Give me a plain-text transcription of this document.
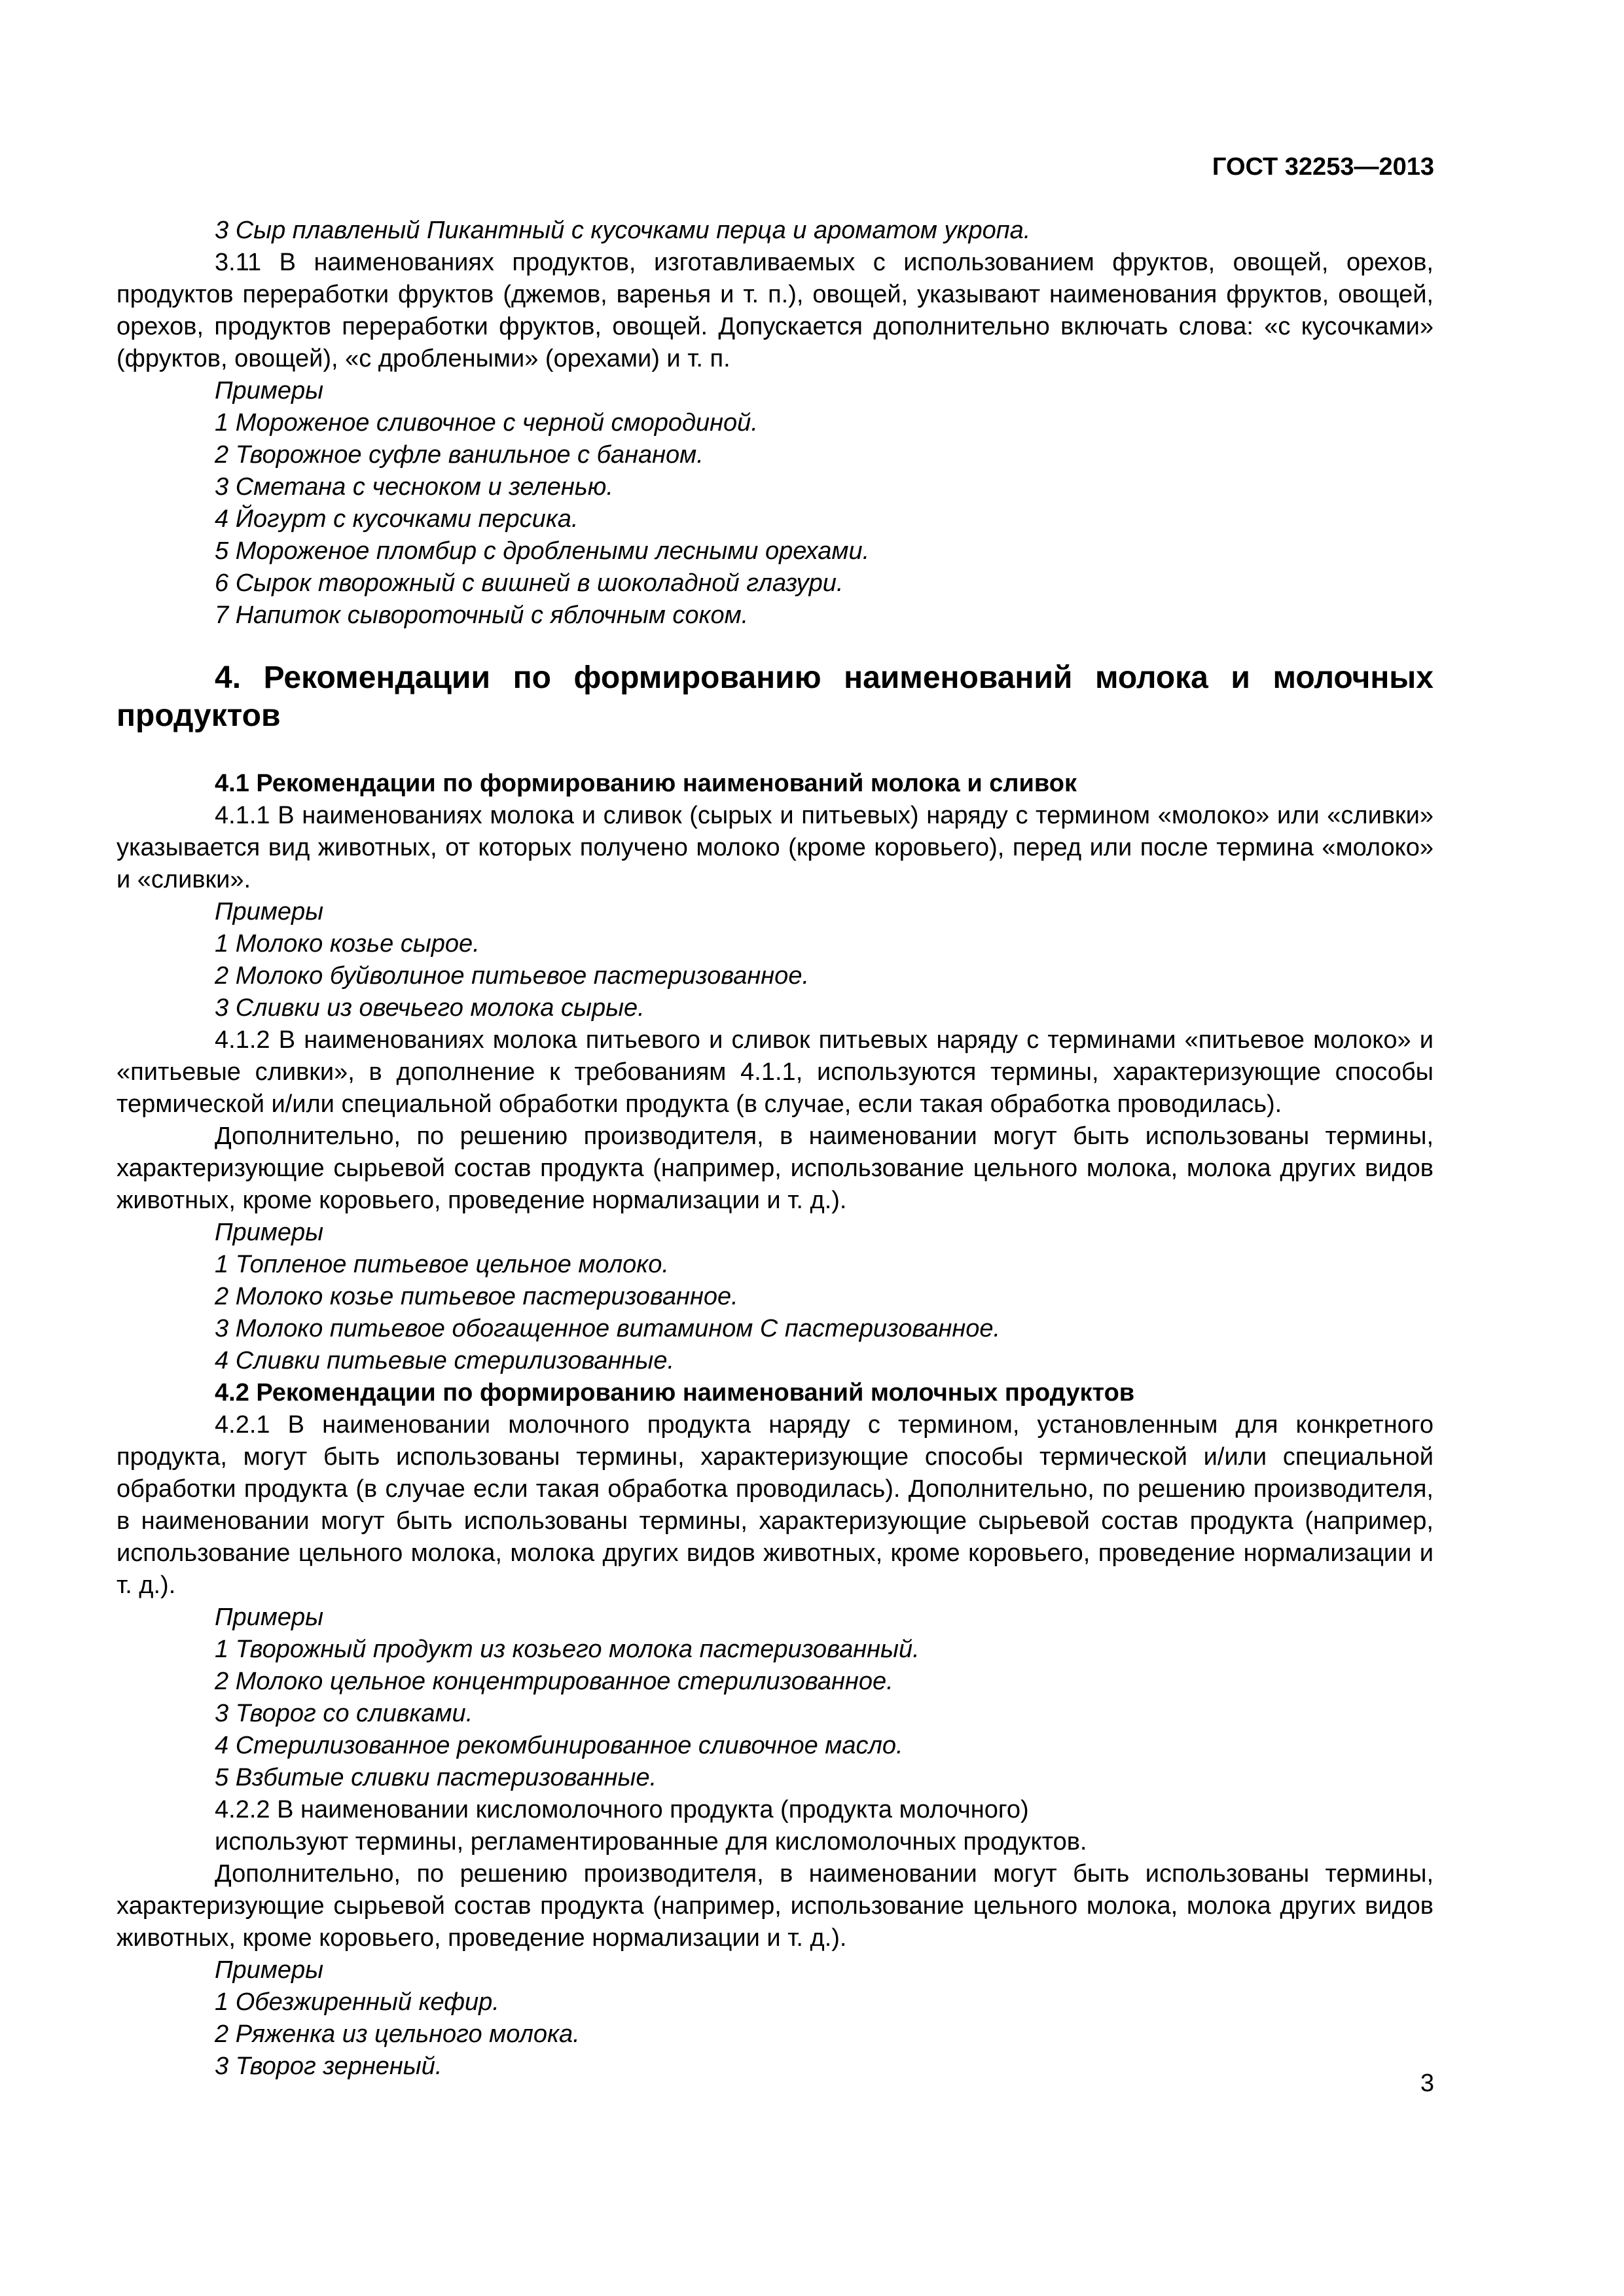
ГОСТ 32253—2013

3 Сыр плавленый Пикантный с кусочками перца и ароматом укропа.

3.11 В наименованиях продуктов, изготавливаемых с использованием фруктов, овощей, орехов, продуктов переработки фруктов (джемов, варенья и т. п.), овощей, указывают наименования фруктов, овощей, орехов, продуктов переработки фруктов, овощей. Допускается дополнительно включать слова: «с кусочками» (фруктов, овощей), «с дроблеными» (орехами) и т. п.

Примеры

1 Мороженое сливочное с черной смородиной.

2 Творожное суфле ванильное с бананом.

3 Сметана с чесноком и зеленью.

4 Йогурт с кусочками персика.

5 Мороженое пломбир с дроблеными лесными орехами.

6 Сырок творожный с вишней в шоколадной глазури.

7 Напиток сывороточный с яблочным соком.

4. Рекомендации по формированию наименований молока и молочных продуктов

4.1 Рекомендации по формированию наименований молока и сливок

4.1.1 В наименованиях молока и сливок (сырых и питьевых) наряду с термином «молоко» или «сливки» указывается вид животных, от которых получено молоко (кроме коровьего), перед или после термина «молоко» и «сливки».

Примеры

1 Молоко козье сырое.

2 Молоко буйволиное питьевое пастеризованное.

3 Сливки из овечьего молока сырые.

4.1.2 В наименованиях молока питьевого и сливок питьевых наряду с терминами «питьевое молоко» и «питьевые сливки», в дополнение к требованиям 4.1.1, используются термины, характеризующие способы термической и/или специальной обработки продукта (в случае, если такая обработка проводилась).

Дополнительно, по решению производителя, в наименовании могут быть использованы термины, характеризующие сырьевой состав продукта (например, использование цельного молока, молока других видов животных, кроме коровьего, проведение нормализации и т. д.).

Примеры

1 Топленое питьевое цельное молоко.

2 Молоко козье питьевое пастеризованное.

3 Молоко питьевое обогащенное витамином С пастеризованное.

4 Сливки питьевые стерилизованные.

4.2 Рекомендации по формированию наименований молочных продуктов

4.2.1 В наименовании молочного продукта наряду с термином, установленным для конкретного продукта, могут быть использованы термины, характеризующие способы термической и/или специальной обработки продукта (в случае если такая обработка проводилась). Дополнительно, по решению производителя, в наименовании могут быть использованы термины, характеризующие сырьевой состав продукта (например, использование цельного молока, молока других видов животных, кроме коровьего, проведение нормализации и т. д.).

Примеры

1 Творожный продукт из козьего молока пастеризованный.

2 Молоко цельное концентрированное стерилизованное.

3 Творог со сливками.

4 Стерилизованное рекомбинированное сливочное масло.

5 Взбитые сливки пастеризованные.

4.2.2 В наименовании кисломолочного продукта (продукта молочного)

используют термины, регламентированные для кисломолочных продуктов.

Дополнительно, по решению производителя, в наименовании могут быть использованы термины, характеризующие сырьевой состав продукта (например, использование цельного молока, молока других видов животных, кроме коровьего, проведение нормализации и т. д.).

Примеры

1 Обезжиренный кефир.

2 Ряженка из цельного молока.

3 Творог зерненый.

3
